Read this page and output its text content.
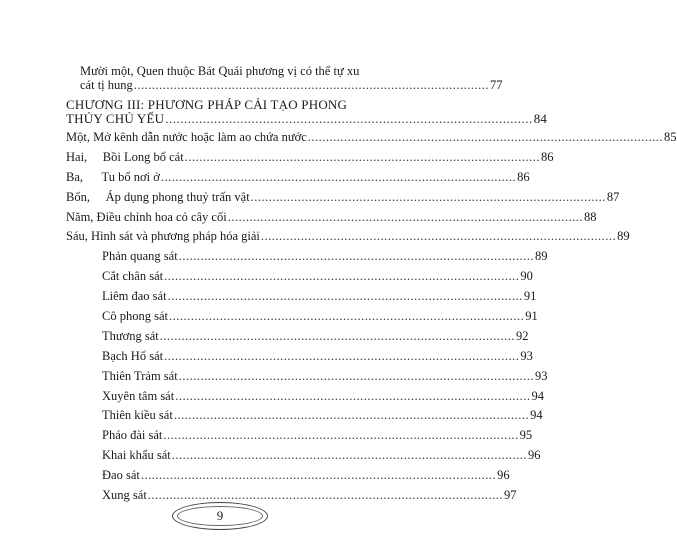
Mười một, Quen thuộc Bát Quái phương vị có thể tự xu
cát tị hung .................................................................................................. 77
CHƯƠNG III: PHƯƠNG PHÁP CẢI TẠO PHONG
THỦY CHỦ YẾU .................................................................................................. 84
Một, Mở kênh dẫn nước hoặc làm ao chứa nước .................................................................................................. 85
Hai,     Bồi Long bổ cát .................................................................................................. 86
Ba,      Tu bổ nơi ở .................................................................................................. 86
Bốn,     Áp dụng phong thuỷ trấn vật .................................................................................................. 87
Năm, Điều chỉnh hoa cỏ cây cối .................................................................................................. 88
Sáu, Hình sát và phương pháp hóa giải .................................................................................................. 89
Phản quang sát .................................................................................................. 89
Cắt chân sát .................................................................................................. 90
Liêm đao sát .................................................................................................. 91
Cô phong sát .................................................................................................. 91
Thương sát .................................................................................................. 92
Bạch Hổ sát .................................................................................................. 93
Thiên Trảm sát .................................................................................................. 93
Xuyên tâm sát .................................................................................................. 94
Thiên kiều sát .................................................................................................. 94
Pháo đài sát .................................................................................................. 95
Khai khẩu sát .................................................................................................. 96
Đao sát .................................................................................................. 96
Xung sát .................................................................................................. 97
9
